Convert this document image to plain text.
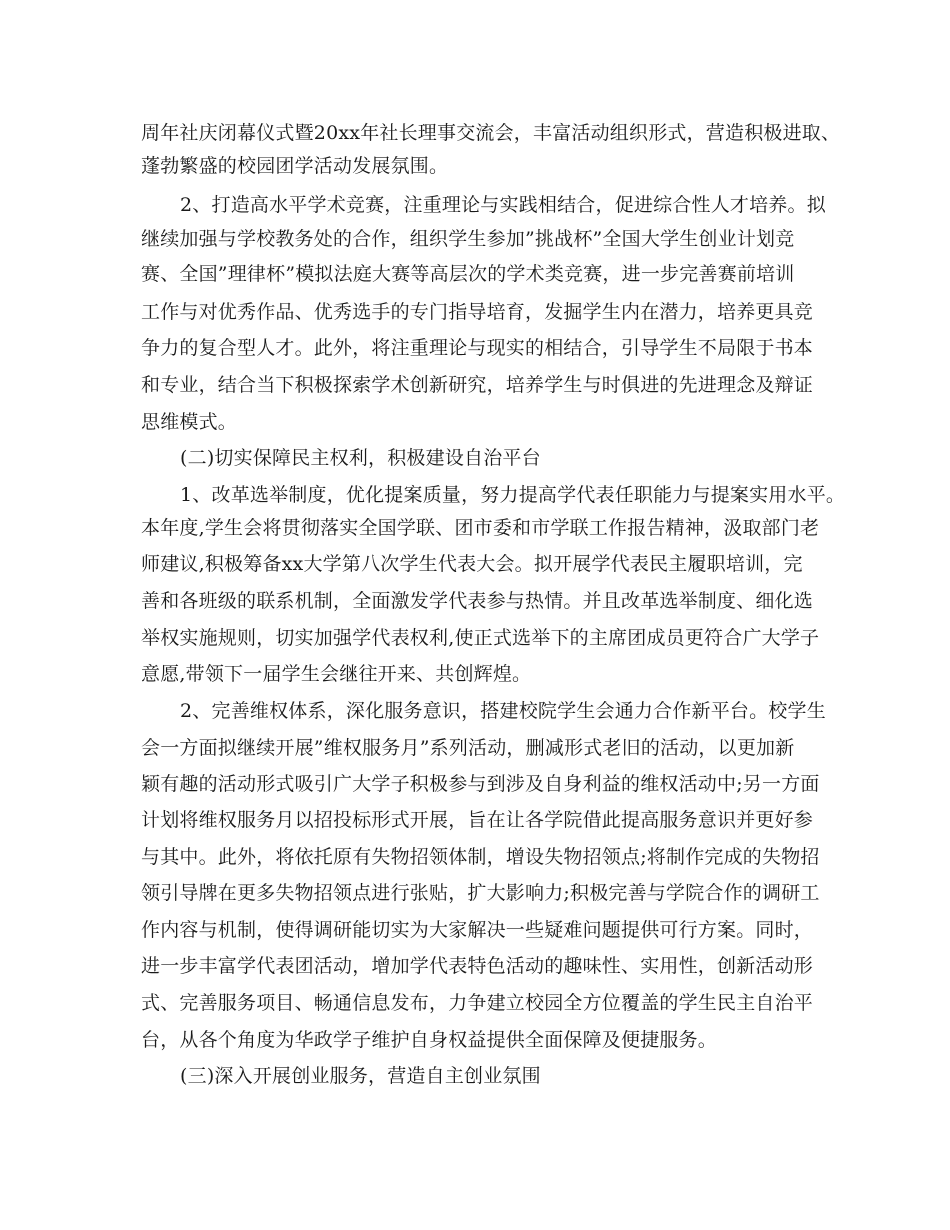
周年社庆闭幕仪式暨20xx年社长理事交流会，丰富活动组织形式，营造积极进取、
蓬勃繁盛的校园团学活动发展氛围。
2、打造高水平学术竞赛，注重理论与实践相结合，促进综合性人才培养。拟
继续加强与学校教务处的合作，组织学生参加”挑战杯”全国大学生创业计划竞
赛、全国”理律杯”模拟法庭大赛等高层次的学术类竞赛，进一步完善赛前培训
工作与对优秀作品、优秀选手的专门指导培育，发掘学生内在潜力，培养更具竞
争力的复合型人才。此外，将注重理论与现实的相结合，引导学生不局限于书本
和专业，结合当下积极探索学术创新研究，培养学生与时俱进的先进理念及辩证
思维模式。
(二)切实保障民主权利，积极建设自治平台
1、改革选举制度，优化提案质量，努力提高学代表任职能力与提案实用水平。
本年度,学生会将贯彻落实全国学联、团市委和市学联工作报告精神，汲取部门老
师建议,积极筹备xx大学第八次学生代表大会。拟开展学代表民主履职培训，完
善和各班级的联系机制，全面激发学代表参与热情。并且改革选举制度、细化选
举权实施规则，切实加强学代表权利,使正式选举下的主席团成员更符合广大学子
意愿,带领下一届学生会继往开来、共创辉煌。
2、完善维权体系，深化服务意识，搭建校院学生会通力合作新平台。校学生
会一方面拟继续开展”维权服务月”系列活动，删减形式老旧的活动，以更加新
颖有趣的活动形式吸引广大学子积极参与到涉及自身利益的维权活动中;另一方面
计划将维权服务月以招投标形式开展，旨在让各学院借此提高服务意识并更好参
与其中。此外，将依托原有失物招领体制，增设失物招领点;将制作完成的失物招
领引导牌在更多失物招领点进行张贴，扩大影响力;积极完善与学院合作的调研工
作内容与机制，使得调研能切实为大家解决一些疑难问题提供可行方案。同时，
进一步丰富学代表团活动，增加学代表特色活动的趣味性、实用性，创新活动形
式、完善服务项目、畅通信息发布，力争建立校园全方位覆盖的学生民主自治平
台，从各个角度为华政学子维护自身权益提供全面保障及便捷服务。
(三)深入开展创业服务，营造自主创业氛围
